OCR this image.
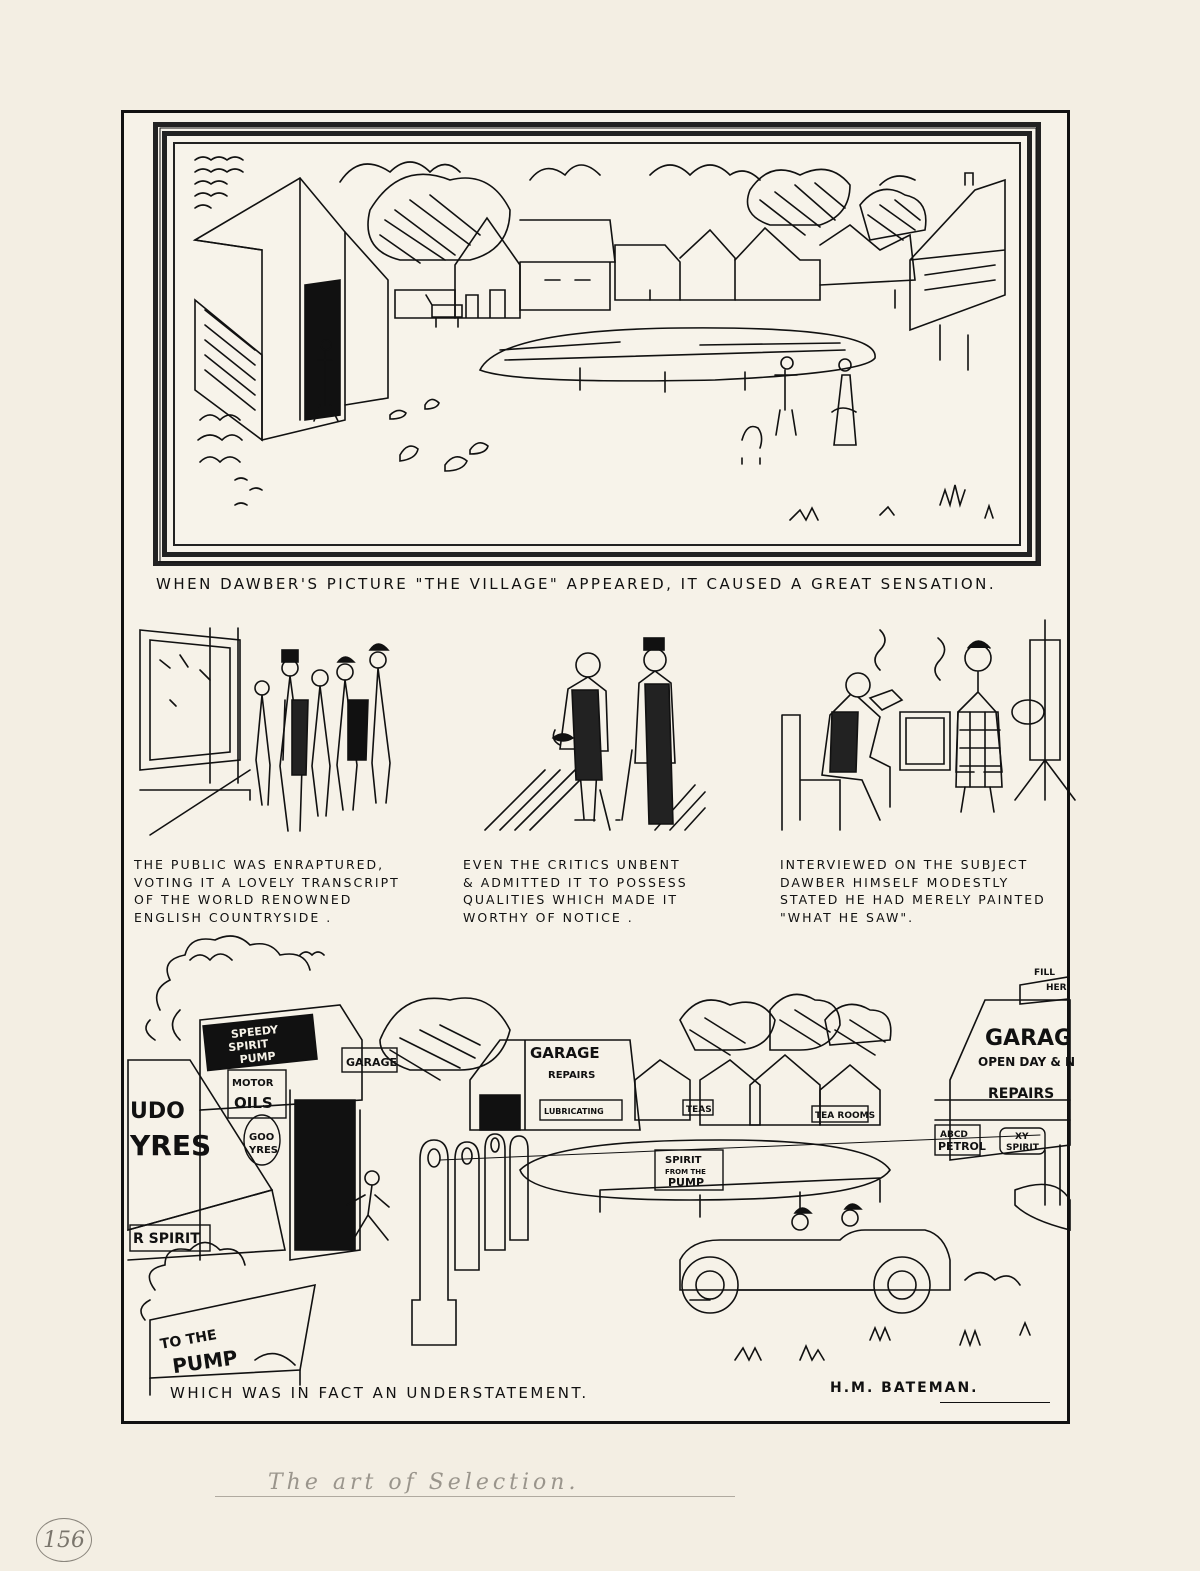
WHEN DAWBER'S PICTURE "THE VILLAGE" APPEARED, IT CAUSED A GREAT SENSATION.
THE PUBLIC WAS ENRAPTURED,
VOTING IT A LOVELY TRANSCRIPT
OF THE WORLD RENOWNED
ENGLISH COUNTRYSIDE .
EVEN THE CRITICS UNBENT
& ADMITTED IT TO POSSESS
QUALITIES WHICH MADE IT
WORTHY OF NOTICE .
INTERVIEWED ON THE SUBJECT
DAWBER HIMSELF MODESTLY
STATED HE HAD MERELY PAINTED
"WHAT HE SAW".
SPEEDY
SPIRIT
PUMP	GARAGE
MOTOR
OILS
GOO
YRES
UDO
YRES
R SPIRIT
TO THE
PUMP
GARAGE
REPAIRS
LUBRICATING
SPIRIT
FROM THE
PUMP
TEAS
TEA ROOMS
GARAG
OPEN DAY & N
REPAIRS
ABCD
PETROL
XY
SPIRIT
FILL
HER
WHICH WAS IN FACT AN UNDERSTATEMENT.	H.M. BATEMAN.
The art of Selection.
156
